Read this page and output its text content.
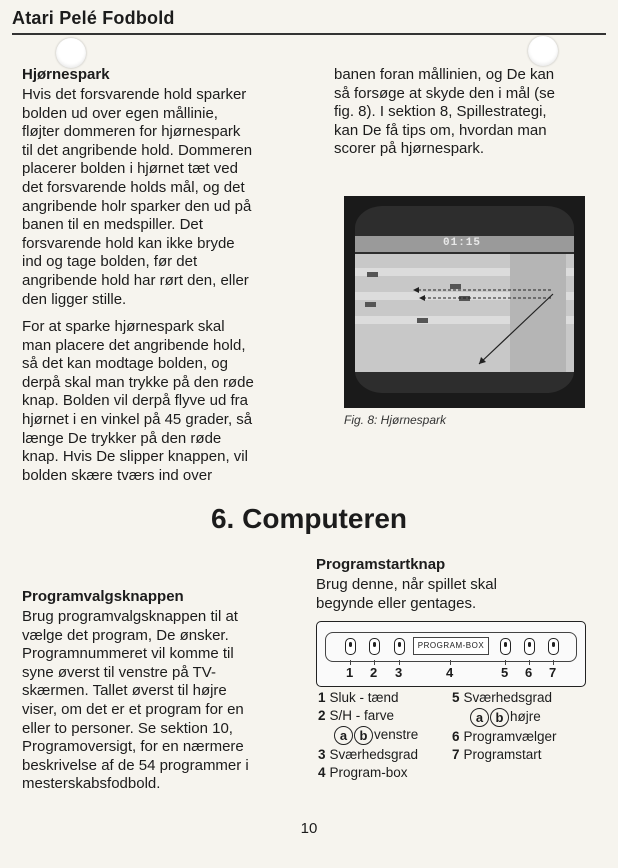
Atari Pelé Fodbold
Hjørnespark
Hvis det forsvarende hold sparker
bolden ud over egen mållinie,
fløjter dommeren for hjørnespark
til det angribende hold. Dommeren
placerer bolden i hjørnet tæt ved
det forsvarende holds mål, og det
angribende holr sparker den ud på
banen til en medspiller. Det
forsvarende hold kan ikke bryde
ind og tage bolden, før det
angribende hold har rørt den, eller
den ligger stille.
For at sparke hjørnespark skal
man placere det angribende hold,
så det kan modtage bolden, og
derpå skal man trykke på den røde
knap. Bolden vil derpå flyve ud fra
hjørnet i en vinkel på 45 grader, så
længe De trykker på den røde
knap. Hvis De slipper knappen, vil
bolden skære tværs ind over
banen foran mållinien, og De kan
så forsøge at skyde den i mål (se
fig. 8). I sektion 8, Spillestrategi,
kan De få tips om, hvordan man
scorer på hjørnespark.
01:15
Fig. 8: Hjørnespark
6. Computeren
Programvalgsknappen
Brug programvalgsknappen til at
vælge det program, De ønsker.
Programnummeret vil komme til
syne øverst til venstre på TV-
skærmen. Tallet øverst til højre
viser, om det er et program for en
eller to personer. Se sektion 10,
Programoversigt, for en nærmere
beskrivelse af de 54 programmer i
mesterskabsfodbold.
Programstartknap
Brug denne, når spillet skal
begynde eller gentages.
PROGRAM-BOX
1 2 3	4	5 6 7
1 Sluk - tænd
2 S/H - farve
a b venstre
3 Sværhedsgrad
4 Program-box
5 Sværhedsgrad
a b højre
6 Programvælger
7 Programstart
10
